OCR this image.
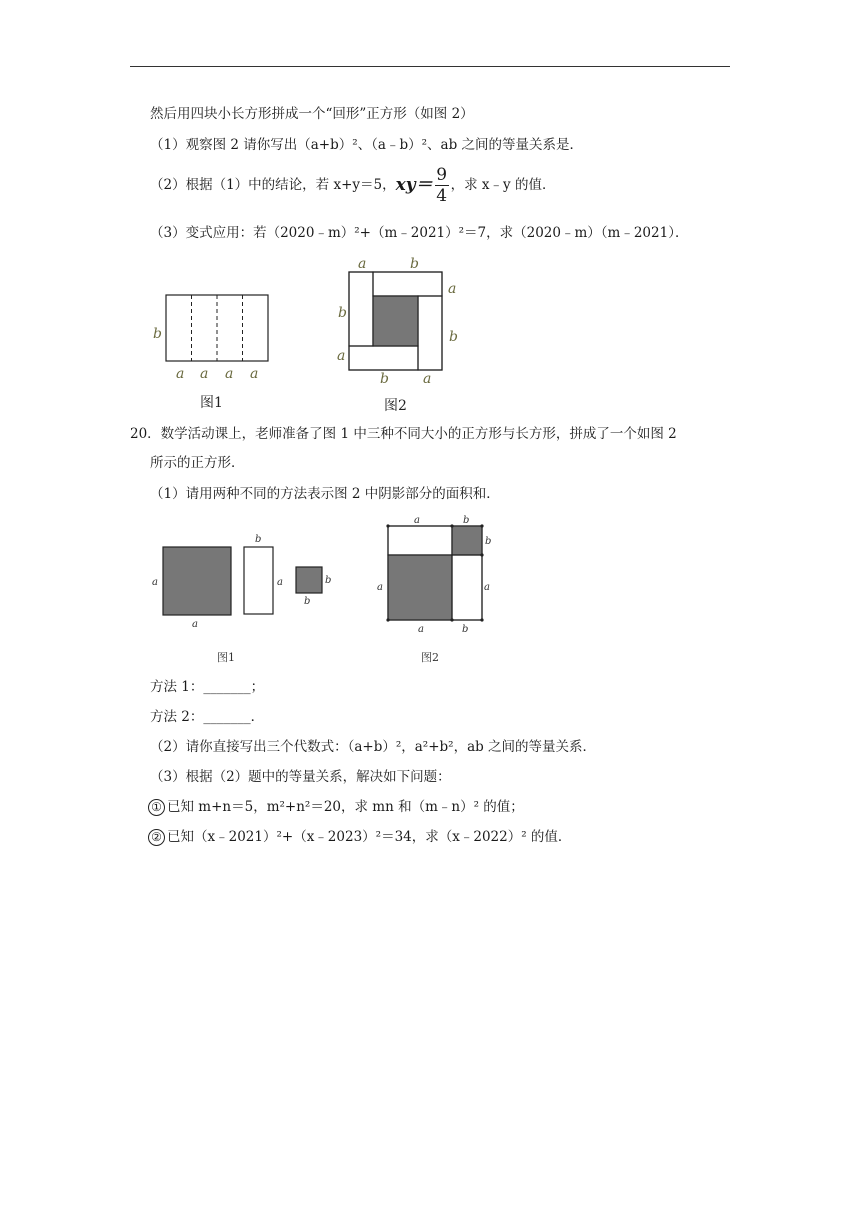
然后用四块小长方形拼成一个“回形”正方形（如图 2）
（1）观察图 2 请你写出（a+b）²、（a﹣b）²、ab 之间的等量关系是．
（2）根据（1）中的结论，若 x+y＝5， $xy= \frac{9}{4}$ ，求 x﹣y 的值．
（3）变式应用：若（2020﹣m）²+（m﹣2021）²＝7，求（2020﹣m）（m﹣2021）．
b
a a a a
图1
a	b
a
b
b
a
b a
图2
20．数学活动课上，老师准备了图 1 中三种不同大小的正方形与长方形，拼成了一个如图 2
所示的正方形．
（1）请用两种不同的方法表示图 2 中阴影部分的面积和．
a
a
b
a	b
b
图1
a	b
b
a
a
a	b
图2
方法 1：_______；
方法 2：_______．
（2）请你直接写出三个代数式：（a+b）²，a²+b²，ab 之间的等量关系．
（3）根据（2）题中的等量关系，解决如下问题：
① 已知 m+n＝5，m²+n²＝20，求 mn 和（m﹣n）² 的值；
② 已知（x﹣2021）²+（x﹣2023）²＝34，求（x﹣2022）² 的值．
